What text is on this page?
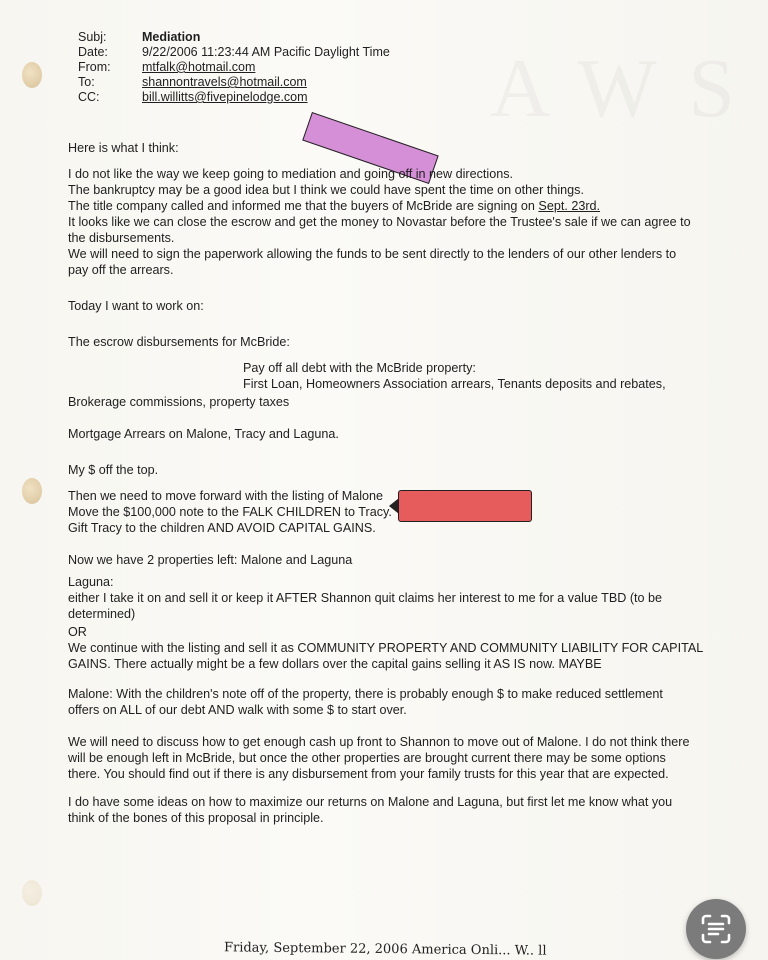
Subj:	Mediation
Date:	9/22/2006 11:23:44 AM Pacific Daylight Time
From:	mtfalk@hotmail.com
To:	shannontravels@hotmail.com
CC:	bill.willitts@fivepinelodge.com
Here is what I think:
I do not like the way we keep going to mediation and going off in new directions.
The bankruptcy may be a good idea but I think we could have spent the time on other things.
The title company called and informed me that the buyers of McBride are signing on Sept. 23rd.
It looks like we can close the escrow and get the money to Novastar before the Trustee's sale if we can agree to
the disbursements.
We will need to sign the paperwork allowing the funds to be sent directly to the lenders of our other lenders to
pay off the arrears.
Today I want to work on:
The escrow disbursements for McBride:
Pay off all debt with the McBride property:
First Loan, Homeowners Association arrears, Tenants deposits and rebates,
Brokerage commissions, property taxes
Mortgage Arrears on Malone, Tracy and Laguna.
My $ off the top.
Then we need to move forward with the listing of Malone
Move the $100,000 note to the FALK CHILDREN to Tracy.
Gift Tracy to the children AND AVOID CAPITAL GAINS.
Now we have 2 properties left: Malone and Laguna
Laguna:
either I take it on and sell it or keep it AFTER Shannon quit claims her interest to me for a value TBD (to be
determined)
OR
We continue with the listing and sell it as COMMUNITY PROPERTY AND COMMUNITY LIABILITY FOR CAPITAL
GAINS. There actually might be a few dollars over the capital gains selling it AS IS now. MAYBE
Malone: With the children's note off of the property, there is probably enough $ to make reduced settlement
offers on ALL of our debt AND walk with some $ to start over.
We will need to discuss how to get enough cash up front to Shannon to move out of Malone. I do not think there
will be enough left in McBride, but once the other properties are brought current there may be some options
there. You should find out if there is any disbursement from your family trusts for this year that are expected.
I do have some ideas on how to maximize our returns on Malone and Laguna, but first let me know what you
think of the bones of this proposal in principle.
Friday, September 22, 2006 America Onli... W.. ll
